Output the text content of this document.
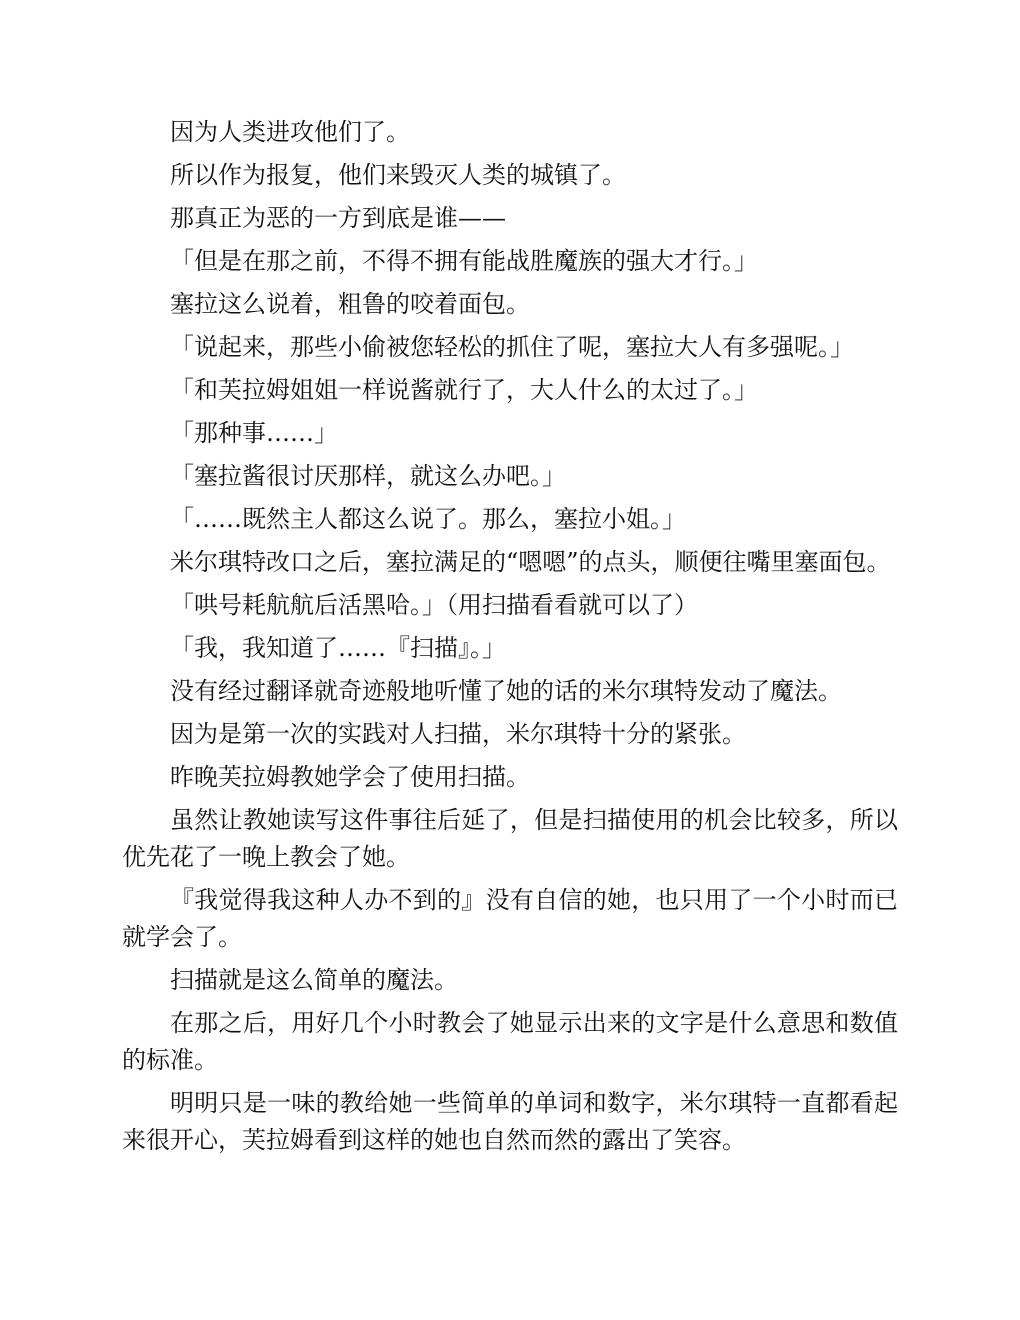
因为人类进攻他们了。

所以作为报复，他们来毁灭人类的城镇了。

那真正为恶的一方到底是谁——

「但是在那之前，不得不拥有能战胜魔族的强大才行。」

塞拉这么说着，粗鲁的咬着面包。

「说起来，那些小偷被您轻松的抓住了呢，塞拉大人有多强呢。」

「和芙拉姆姐姐一样说酱就行了，大人什么的太过了。」

「那种事……」

「塞拉酱很讨厌那样，就这么办吧。」

「……既然主人都这么说了。那么，塞拉小姐。」

米尔琪特改口之后，塞拉满足的“嗯嗯”的点头，顺便往嘴里塞面包。

「哄号耗航航后活黑哈。」（用扫描看看就可以了）

「我，我知道了……『扫描』。」

没有经过翻译就奇迹般地听懂了她的话的米尔琪特发动了魔法。

因为是第一次的实践对人扫描，米尔琪特十分的紧张。

昨晚芙拉姆教她学会了使用扫描。

虽然让教她读写这件事往后延了，但是扫描使用的机会比较多，所以优先花了一晚上教会了她。

『我觉得我这种人办不到的』没有自信的她，也只用了一个小时而已就学会了。

扫描就是这么简单的魔法。

在那之后，用好几个小时教会了她显示出来的文字是什么意思和数值的标准。

明明只是一味的教给她一些简单的单词和数字，米尔琪特一直都看起来很开心，芙拉姆看到这样的她也自然而然的露出了笑容。
